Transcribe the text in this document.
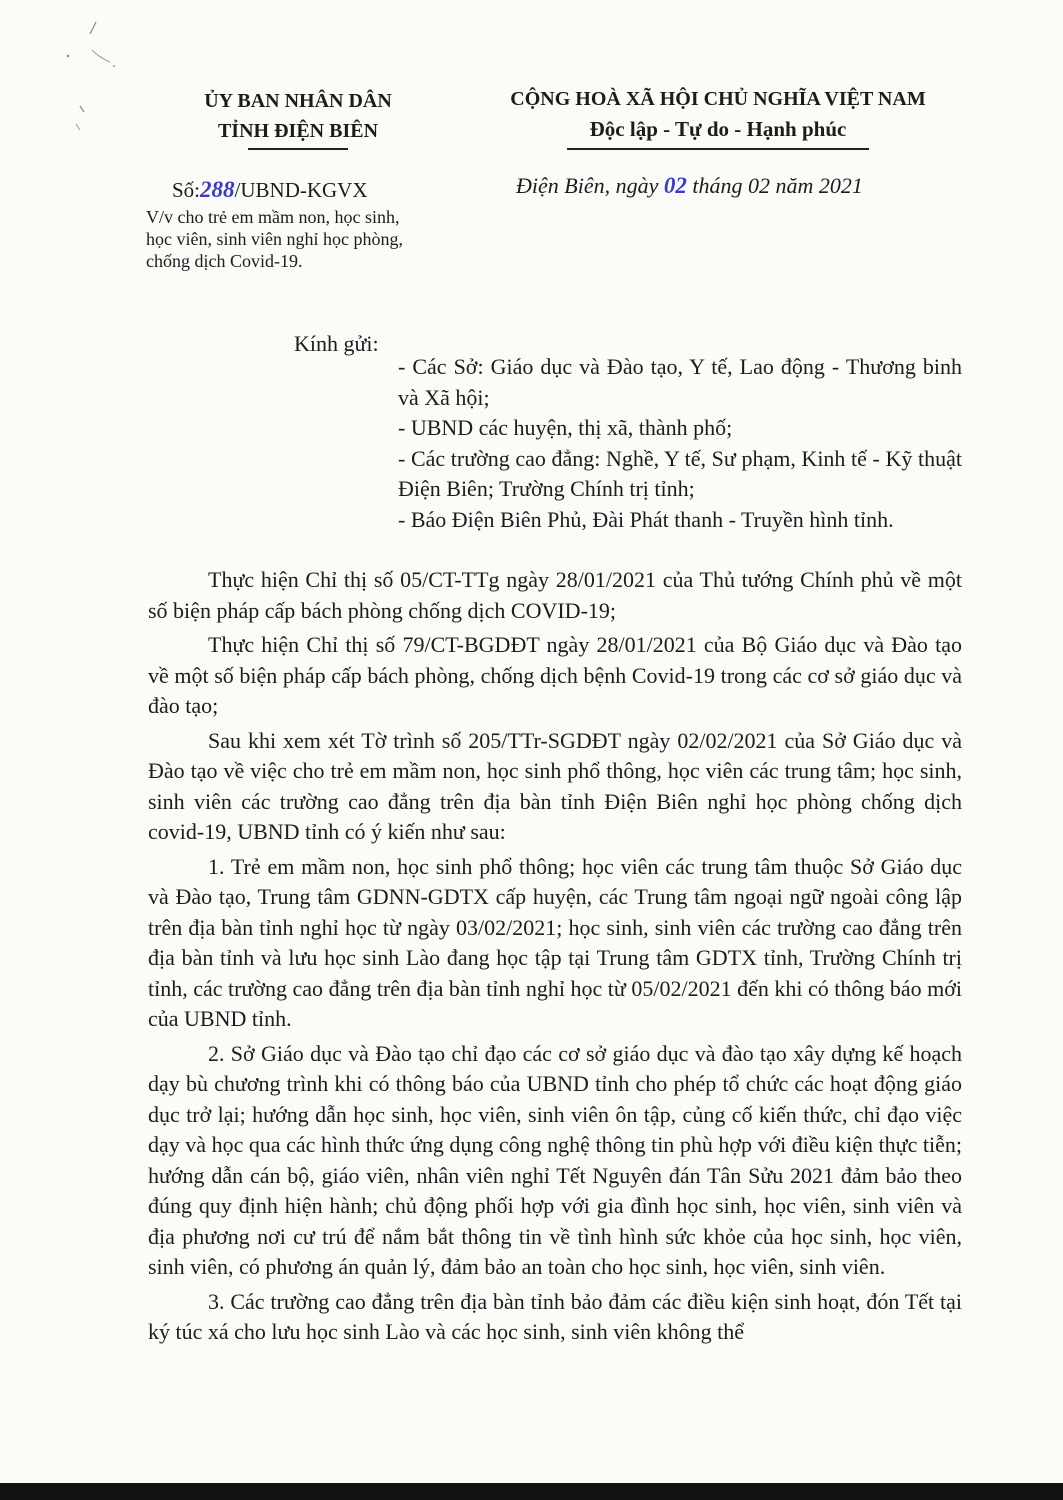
ỦY BAN NHÂN DÂN
TỈNH ĐIỆN BIÊN
CỘNG HOÀ XÃ HỘI CHỦ NGHĨA VIỆT NAM
Độc lập - Tự do - Hạnh phúc
Số:288/UBND-KGVX	Điện Biên, ngày 02 tháng 02 năm 2021
V/v cho trẻ em mầm non, học sinh,
học viên, sinh viên nghỉ học phòng,
chống dịch Covid-19.
Kính gửi:

- Các Sở: Giáo dục và Đào tạo, Y tế, Lao động - Thương binh và Xã hội;

- UBND các huyện, thị xã, thành phố;

- Các trường cao đẳng: Nghề, Y tế, Sư phạm, Kinh tế - Kỹ thuật Điện Biên; Trường Chính trị tỉnh;

- Báo Điện Biên Phủ, Đài Phát thanh - Truyền hình tỉnh.

Thực hiện Chỉ thị số 05/CT-TTg ngày 28/01/2021 của Thủ tướng Chính phủ về một số biện pháp cấp bách phòng chống dịch COVID-19;

Thực hiện Chỉ thị số 79/CT-BGDĐT ngày 28/01/2021 của Bộ Giáo dục và Đào tạo về một số biện pháp cấp bách phòng, chống dịch bệnh Covid-19 trong các cơ sở giáo dục và đào tạo;

Sau khi xem xét Tờ trình số 205/TTr-SGDĐT ngày 02/02/2021 của Sở Giáo dục và Đào tạo về việc cho trẻ em mầm non, học sinh phổ thông, học viên các trung tâm; học sinh, sinh viên các trường cao đẳng trên địa bàn tỉnh Điện Biên nghỉ học phòng chống dịch covid-19, UBND tỉnh có ý kiến như sau:

1. Trẻ em mầm non, học sinh phổ thông; học viên các trung tâm thuộc Sở Giáo dục và Đào tạo, Trung tâm GDNN-GDTX cấp huyện, các Trung tâm ngoại ngữ ngoài công lập trên địa bàn tỉnh nghỉ học từ ngày 03/02/2021; học sinh, sinh viên các trường cao đẳng trên địa bàn tỉnh và lưu học sinh Lào đang học tập tại Trung tâm GDTX tỉnh, Trường Chính trị tỉnh, các trường cao đẳng trên địa bàn tỉnh nghỉ học từ 05/02/2021 đến khi có thông báo mới của UBND tỉnh.

2. Sở Giáo dục và Đào tạo chỉ đạo các cơ sở giáo dục và đào tạo xây dựng kế hoạch dạy bù chương trình khi có thông báo của UBND tỉnh cho phép tổ chức các hoạt động giáo dục trở lại; hướng dẫn học sinh, học viên, sinh viên ôn tập, củng cố kiến thức, chỉ đạo việc dạy và học qua các hình thức ứng dụng công nghệ thông tin phù hợp với điều kiện thực tiễn; hướng dẫn cán bộ, giáo viên, nhân viên nghỉ Tết Nguyên đán Tân Sửu 2021 đảm bảo theo đúng quy định hiện hành; chủ động phối hợp với gia đình học sinh, học viên, sinh viên và địa phương nơi cư trú để nắm bắt thông tin về tình hình sức khỏe của học sinh, học viên, sinh viên, có phương án quản lý, đảm bảo an toàn cho học sinh, học viên, sinh viên.

3. Các trường cao đẳng trên địa bàn tỉnh bảo đảm các điều kiện sinh hoạt, đón Tết tại ký túc xá cho lưu học sinh Lào và các học sinh, sinh viên không thể
